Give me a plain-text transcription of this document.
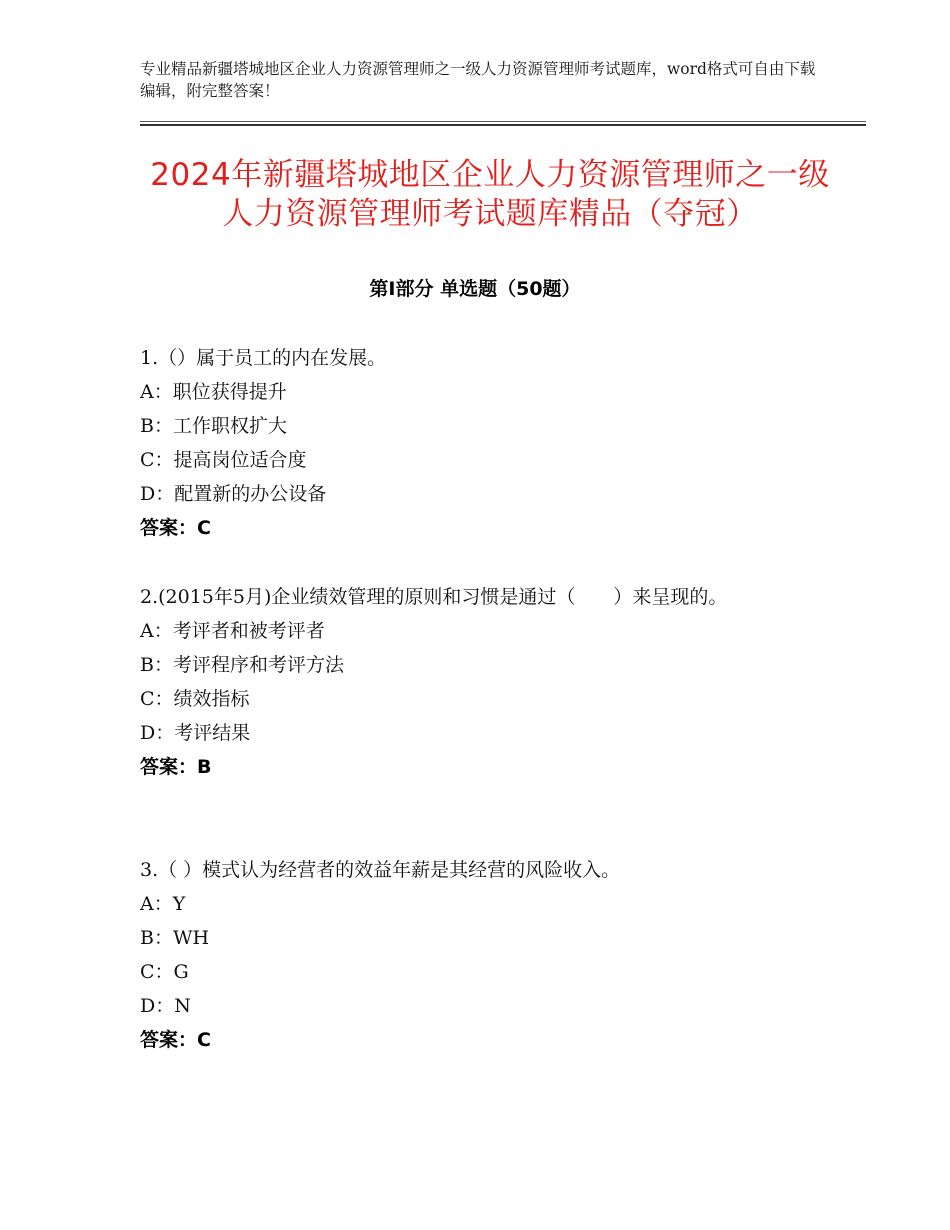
专业精品新疆塔城地区企业人力资源管理师之一级人力资源管理师考试题库，word格式可自由下载编辑，附完整答案！
2024年新疆塔城地区企业人力资源管理师之一级人力资源管理师考试题库精品（夺冠）
第Ⅰ部分 单选题（50题）
1.（）属于员工的内在发展。
A：职位获得提升
B：工作职权扩大
C：提高岗位适合度
D：配置新的办公设备
答案：C
2.(2015年5月)企业绩效管理的原则和习惯是通过（　　）来呈现的。
A：考评者和被考评者
B：考评程序和考评方法
C：绩效指标
D：考评结果
答案：B
3.（ ）模式认为经营者的效益年薪是其经营的风险收入。
A：Y
B：WH
C：G
D：N
答案：C
